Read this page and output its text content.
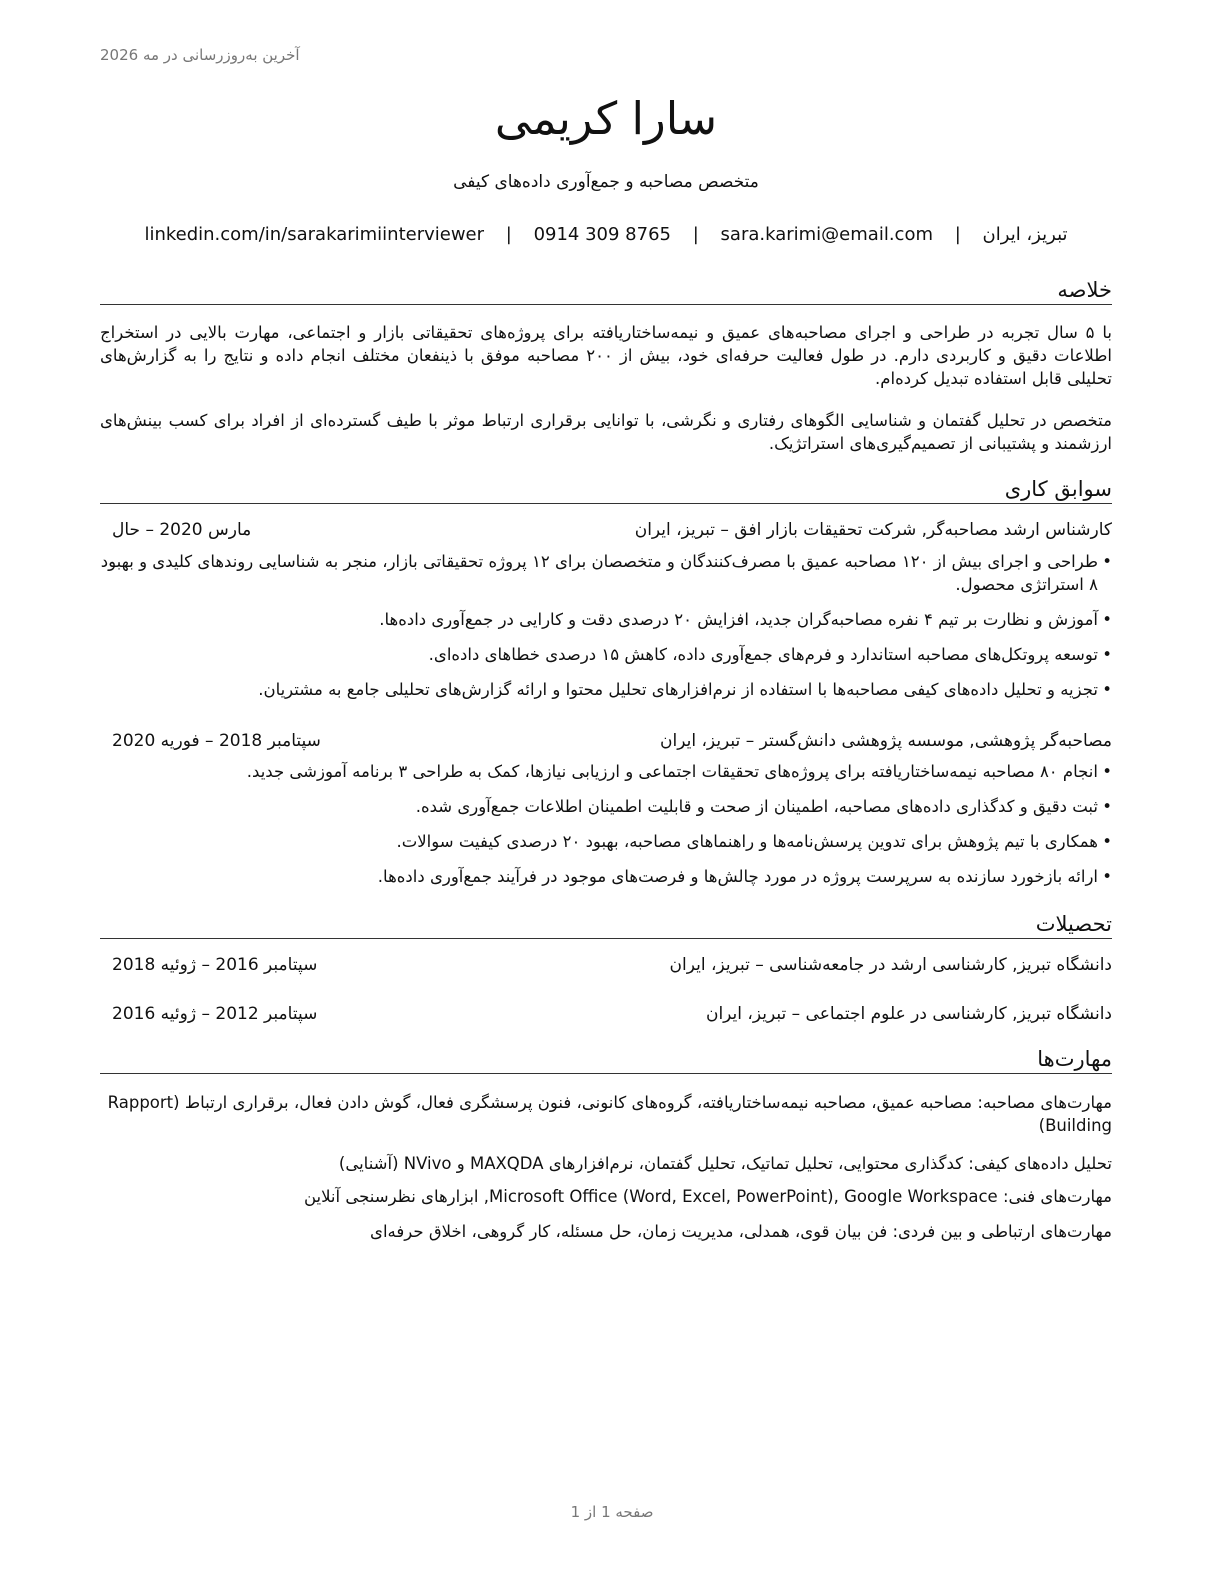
آخرین به‌روزرسانی در مه 2026
سارا کریمی
متخصص مصاحبه و جمع‌آوری داده‌های کیفی
تبریز، ایران | sara.karimi@email.com | 0914 309 8765 | linkedin.com/in/sarakarimiinterviewer
خلاصه
با ۵ سال تجربه در طراحی و اجرای مصاحبه‌های عمیق و نیمه‌ساختاریافته برای پروژه‌های تحقیقاتی بازار و اجتماعی، مهارت بالایی در استخراج اطلاعات دقیق و کاربردی دارم. در طول فعالیت حرفه‌ای خود، بیش از ۲۰۰ مصاحبه موفق با ذینفعان مختلف انجام داده و نتایج را به گزارش‌های تحلیلی قابل استفاده تبدیل کرده‌ام.
متخصص در تحلیل گفتمان و شناسایی الگوهای رفتاری و نگرشی، با توانایی برقراری ارتباط موثر با طیف گسترده‌ای از افراد برای کسب بینش‌های ارزشمند و پشتیبانی از تصمیم‌گیری‌های استراتژیک.
سوابق کاری
کارشناس ارشد مصاحبه‌گر, شرکت تحقیقات بازار افق – تبریز، ایران
مارس 2020 – حال
• طراحی و اجرای بیش از ۱۲۰ مصاحبه عمیق با مصرف‌کنندگان و متخصصان برای ۱۲ پروژه تحقیقاتی بازار، منجر به شناسایی روندهای کلیدی و بهبود ۸ استراتژی محصول.
• آموزش و نظارت بر تیم ۴ نفره مصاحبه‌گران جدید، افزایش ۲۰ درصدی دقت و کارایی در جمع‌آوری داده‌ها.
• توسعه پروتکل‌های مصاحبه استاندارد و فرم‌های جمع‌آوری داده، کاهش ۱۵ درصدی خطاهای داده‌ای.
• تجزیه و تحلیل داده‌های کیفی مصاحبه‌ها با استفاده از نرم‌افزارهای تحلیل محتوا و ارائه گزارش‌های تحلیلی جامع به مشتریان.
مصاحبه‌گر پژوهشی, موسسه پژوهشی دانش‌گستر – تبریز، ایران
سپتامبر 2018 – فوریه 2020
• انجام ۸۰ مصاحبه نیمه‌ساختاریافته برای پروژه‌های تحقیقات اجتماعی و ارزیابی نیازها، کمک به طراحی ۳ برنامه آموزشی جدید.
• ثبت دقیق و کدگذاری داده‌های مصاحبه، اطمینان از صحت و قابلیت اطمینان اطلاعات جمع‌آوری شده.
• همکاری با تیم پژوهش برای تدوین پرسش‌نامه‌ها و راهنماهای مصاحبه، بهبود ۲۰ درصدی کیفیت سوالات.
• ارائه بازخورد سازنده به سرپرست پروژه در مورد چالش‌ها و فرصت‌های موجود در فرآیند جمع‌آوری داده‌ها.
تحصیلات
دانشگاه تبریز, کارشناسی ارشد در جامعه‌شناسی – تبریز، ایران
سپتامبر 2016 – ژوئیه 2018
دانشگاه تبریز, کارشناسی در علوم اجتماعی – تبریز، ایران
سپتامبر 2012 – ژوئیه 2016
مهارت‌ها
مهارت‌های مصاحبه: مصاحبه عمیق، مصاحبه نیمه‌ساختاریافته، گروه‌های کانونی، فنون پرسشگری فعال، گوش دادن فعال، برقراری ارتباط (Rapport Building)
تحلیل داده‌های کیفی: کدگذاری محتوایی، تحلیل تماتیک، تحلیل گفتمان، نرم‌افزارهای MAXQDA و NVivo (آشنایی)
مهارت‌های فنی: Microsoft Office (Word, Excel, PowerPoint), Google Workspace, ابزارهای نظرسنجی آنلاین
مهارت‌های ارتباطی و بین فردی: فن بیان قوی، همدلی، مدیریت زمان، حل مسئله، کار گروهی، اخلاق حرفه‌ای
صفحه 1 از 1
